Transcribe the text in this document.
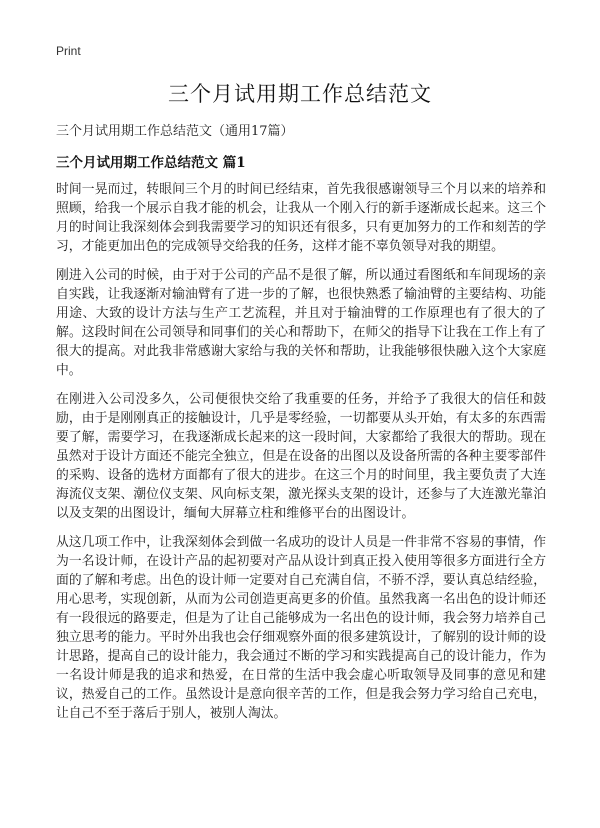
Print
三个月试用期工作总结范文
三个月试用期工作总结范文（通用17篇）
三个月试用期工作总结范文 篇1

时间一晃而过，转眼间三个月的时间已经结束，首先我很感谢领导三个月以来的培养和照顾，给我一个展示自我才能的机会，让我从一个刚入行的新手逐渐成长起来。这三个月的时间让我深刻体会到我需要学习的知识还有很多，只有更加努力的工作和刻苦的学习，才能更加出色的完成领导交给我的任务，这样才能不辜负领导对我的期望。

刚进入公司的时候，由于对于公司的产品不是很了解，所以通过看图纸和车间现场的亲自实践，让我逐渐对输油臂有了进一步的了解，也很快熟悉了输油臂的主要结构、功能用途、大致的设计方法与生产工艺流程，并且对于输油臂的工作原理也有了很大的了解。这段时间在公司领导和同事们的关心和帮助下，在师父的指导下让我在工作上有了很大的提高。对此我非常感谢大家给与我的关怀和帮助，让我能够很快融入这个大家庭中。

在刚进入公司没多久，公司便很快交给了我重要的任务，并给予了我很大的信任和鼓励，由于是刚刚真正的接触设计，几乎是零经验，一切都要从头开始，有太多的东西需要了解，需要学习，在我逐渐成长起来的这一段时间，大家都给了我很大的帮助。现在虽然对于设计方面还不能完全独立，但是在设备的出图以及设备所需的各种主要零部件的采购、设备的选材方面都有了很大的进步。在这三个月的时间里，我主要负责了大连海流仪支架、潮位仪支架、风向标支架，激光探头支架的设计，还参与了大连激光靠泊以及支架的出图设计，缅甸大屏幕立柱和维修平台的出图设计。

从这几项工作中，让我深刻体会到做一名成功的设计人员是一件非常不容易的事情，作为一名设计师，在设计产品的起初要对产品从设计到真正投入使用等很多方面进行全方面的了解和考虑。出色的设计师一定要对自己充满自信，不骄不浮，要认真总结经验，用心思考，实现创新，从而为公司创造更高更多的价值。虽然我离一名出色的设计师还有一段很远的路要走，但是为了让自己能够成为一名出色的设计师，我会努力培养自己独立思考的能力。平时外出我也会仔细观察外面的很多建筑设计，了解别的设计师的设计思路，提高自己的设计能力，我会通过不断的学习和实践提高自己的设计能力，作为一名设计师是我的追求和热爱，在日常的生活中我会虚心听取领导及同事的意见和建议，热爱自己的工作。虽然设计是意向很辛苦的工作，但是我会努力学习给自己充电，让自己不至于落后于别人，被别人淘汰。
